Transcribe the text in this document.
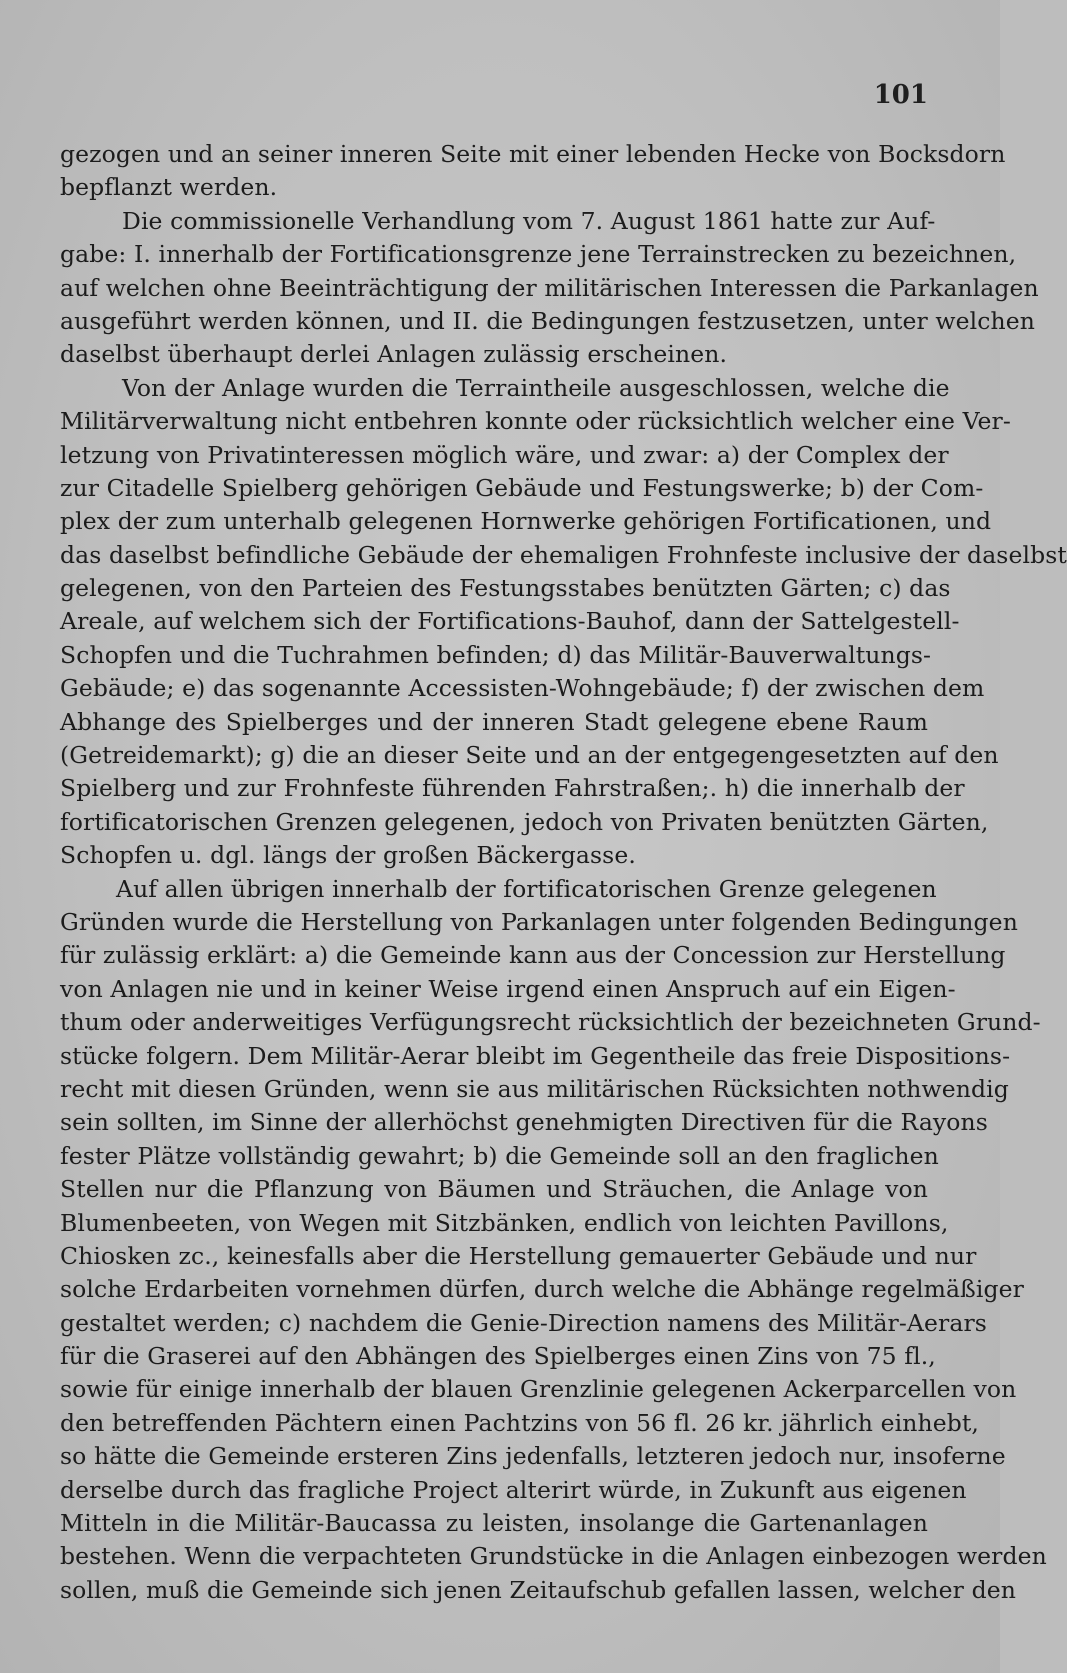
101
gezogen und an seiner inneren Seite mit einer lebenden Hecke von Bocksdorn
bepflanzt werden.
Die commissionelle Verhandlung vom 7. August 1861 hatte zur Auf-
gabe: I. innerhalb der Fortificationsgrenze jene Terrainstrecken zu bezeichnen,
auf welchen ohne Beeinträchtigung der militärischen Interessen die Parkanlagen
ausgeführt werden können, und II. die Bedingungen festzusetzen, unter welchen
daselbst überhaupt derlei Anlagen zulässig erscheinen.
Von der Anlage wurden die Terraintheile ausgeschlossen, welche die
Militärverwaltung nicht entbehren konnte oder rücksichtlich welcher eine Ver-
letzung von Privatinteressen möglich wäre, und zwar: a) der Complex der
zur Citadelle Spielberg gehörigen Gebäude und Festungswerke; b) der Com-
plex der zum unterhalb gelegenen Hornwerke gehörigen Fortificationen, und
das daselbst befindliche Gebäude der ehemaligen Frohnfeste inclusive der daselbst
gelegenen, von den Parteien des Festungsstabes benützten Gärten; c) das
Areale, auf welchem sich der Fortifications-Bauhof, dann der Sattelgestell-
Schopfen und die Tuchrahmen befinden; d) das Militär-Bauverwaltungs-
Gebäude; e) das sogenannte Accessisten-Wohngebäude; f) der zwischen dem
Abhange des Spielberges und der inneren Stadt gelegene ebene Raum
(Getreidemarkt); g) die an dieser Seite und an der entgegengesetzten auf den
Spielberg und zur Frohnfeste führenden Fahrstraßen;. h) die innerhalb der
fortificatorischen Grenzen gelegenen, jedoch von Privaten benützten Gärten,
Schopfen u. dgl. längs der großen Bäckergasse.
Auf allen übrigen innerhalb der fortificatorischen Grenze gelegenen
Gründen wurde die Herstellung von Parkanlagen unter folgenden Bedingungen
für zulässig erklärt: a) die Gemeinde kann aus der Concession zur Herstellung
von Anlagen nie und in keiner Weise irgend einen Anspruch auf ein Eigen-
thum oder anderweitiges Verfügungsrecht rücksichtlich der bezeichneten Grund-
stücke folgern. Dem Militär-Aerar bleibt im Gegentheile das freie Dispositions-
recht mit diesen Gründen, wenn sie aus militärischen Rücksichten nothwendig
sein sollten, im Sinne der allerhöchst genehmigten Directiven für die Rayons
fester Plätze vollständig gewahrt; b) die Gemeinde soll an den fraglichen
Stellen nur die Pflanzung von Bäumen und Sträuchen, die Anlage von
Blumenbeeten, von Wegen mit Sitzbänken, endlich von leichten Pavillons,
Chiosken zc., keinesfalls aber die Herstellung gemauerter Gebäude und nur
solche Erdarbeiten vornehmen dürfen, durch welche die Abhänge regelmäßiger
gestaltet werden; c) nachdem die Genie-Direction namens des Militär-Aerars
für die Graserei auf den Abhängen des Spielberges einen Zins von 75 fl.,
sowie für einige innerhalb der blauen Grenzlinie gelegenen Ackerparcellen von
den betreffenden Pächtern einen Pachtzins von 56 fl. 26 kr. jährlich einhebt,
so hätte die Gemeinde ersteren Zins jedenfalls, letzteren jedoch nur, insoferne
derselbe durch das fragliche Project alterirt würde, in Zukunft aus eigenen
Mitteln in die Militär-Baucassa zu leisten, insolange die Gartenanlagen
bestehen. Wenn die verpachteten Grundstücke in die Anlagen einbezogen werden
sollen, muß die Gemeinde sich jenen Zeitaufschub gefallen lassen, welcher den
